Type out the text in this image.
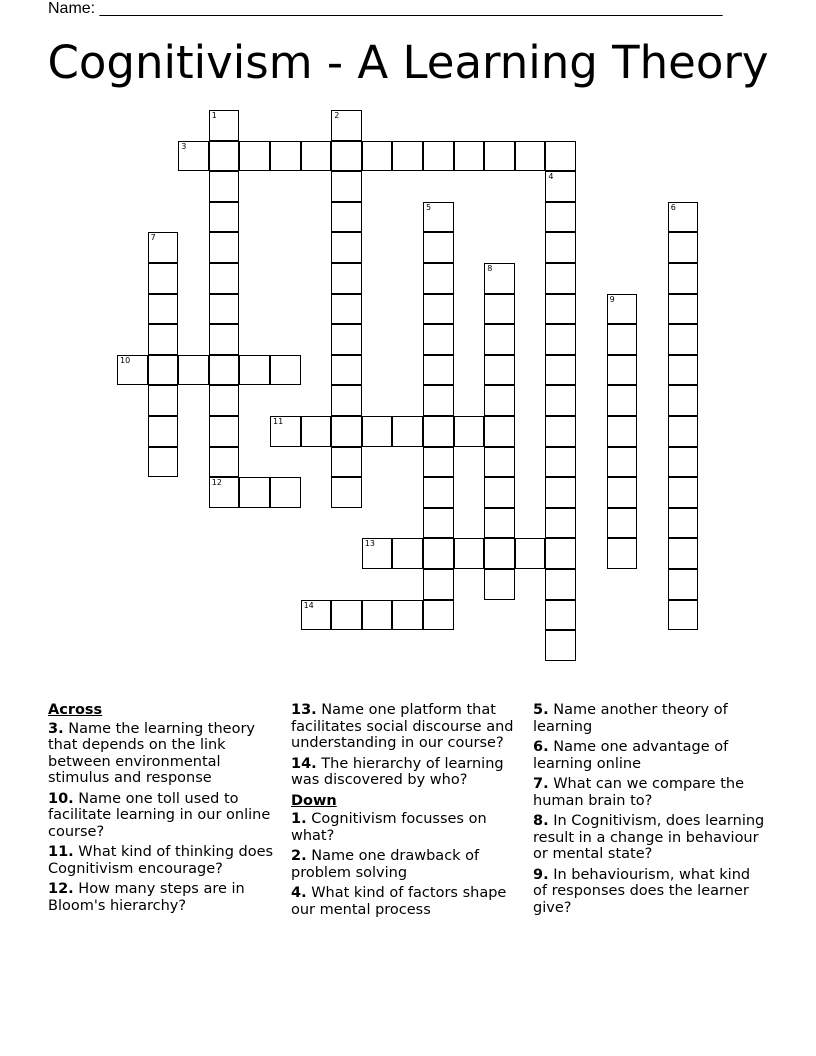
Name: ______________________________________________________________________
Cognitivism - A Learning Theory
3
10
11
12
13
14
1	2
4
5	6
7
8
9
Across
3. Name the learning theory that depends on the link between environmental stimulus and response
10. Name one toll used to facilitate learning in our online course?
11. What kind of thinking does Cognitivism encourage?
12. How many steps are in Bloom's hierarchy?
13. Name one platform that facilitates social discourse and understanding in our course?
14. The hierarchy of learning was discovered by who?
Down
1. Cognitivism focusses on what?
2. Name one drawback of problem solving
4. What kind of factors shape our mental process
5. Name another theory of learning
6. Name one advantage of learning online
7. What can we compare the human brain to?
8. In Cognitivism, does learning result in a change in behaviour or mental state?
9. In behaviourism, what kind of responses does the learner give?
